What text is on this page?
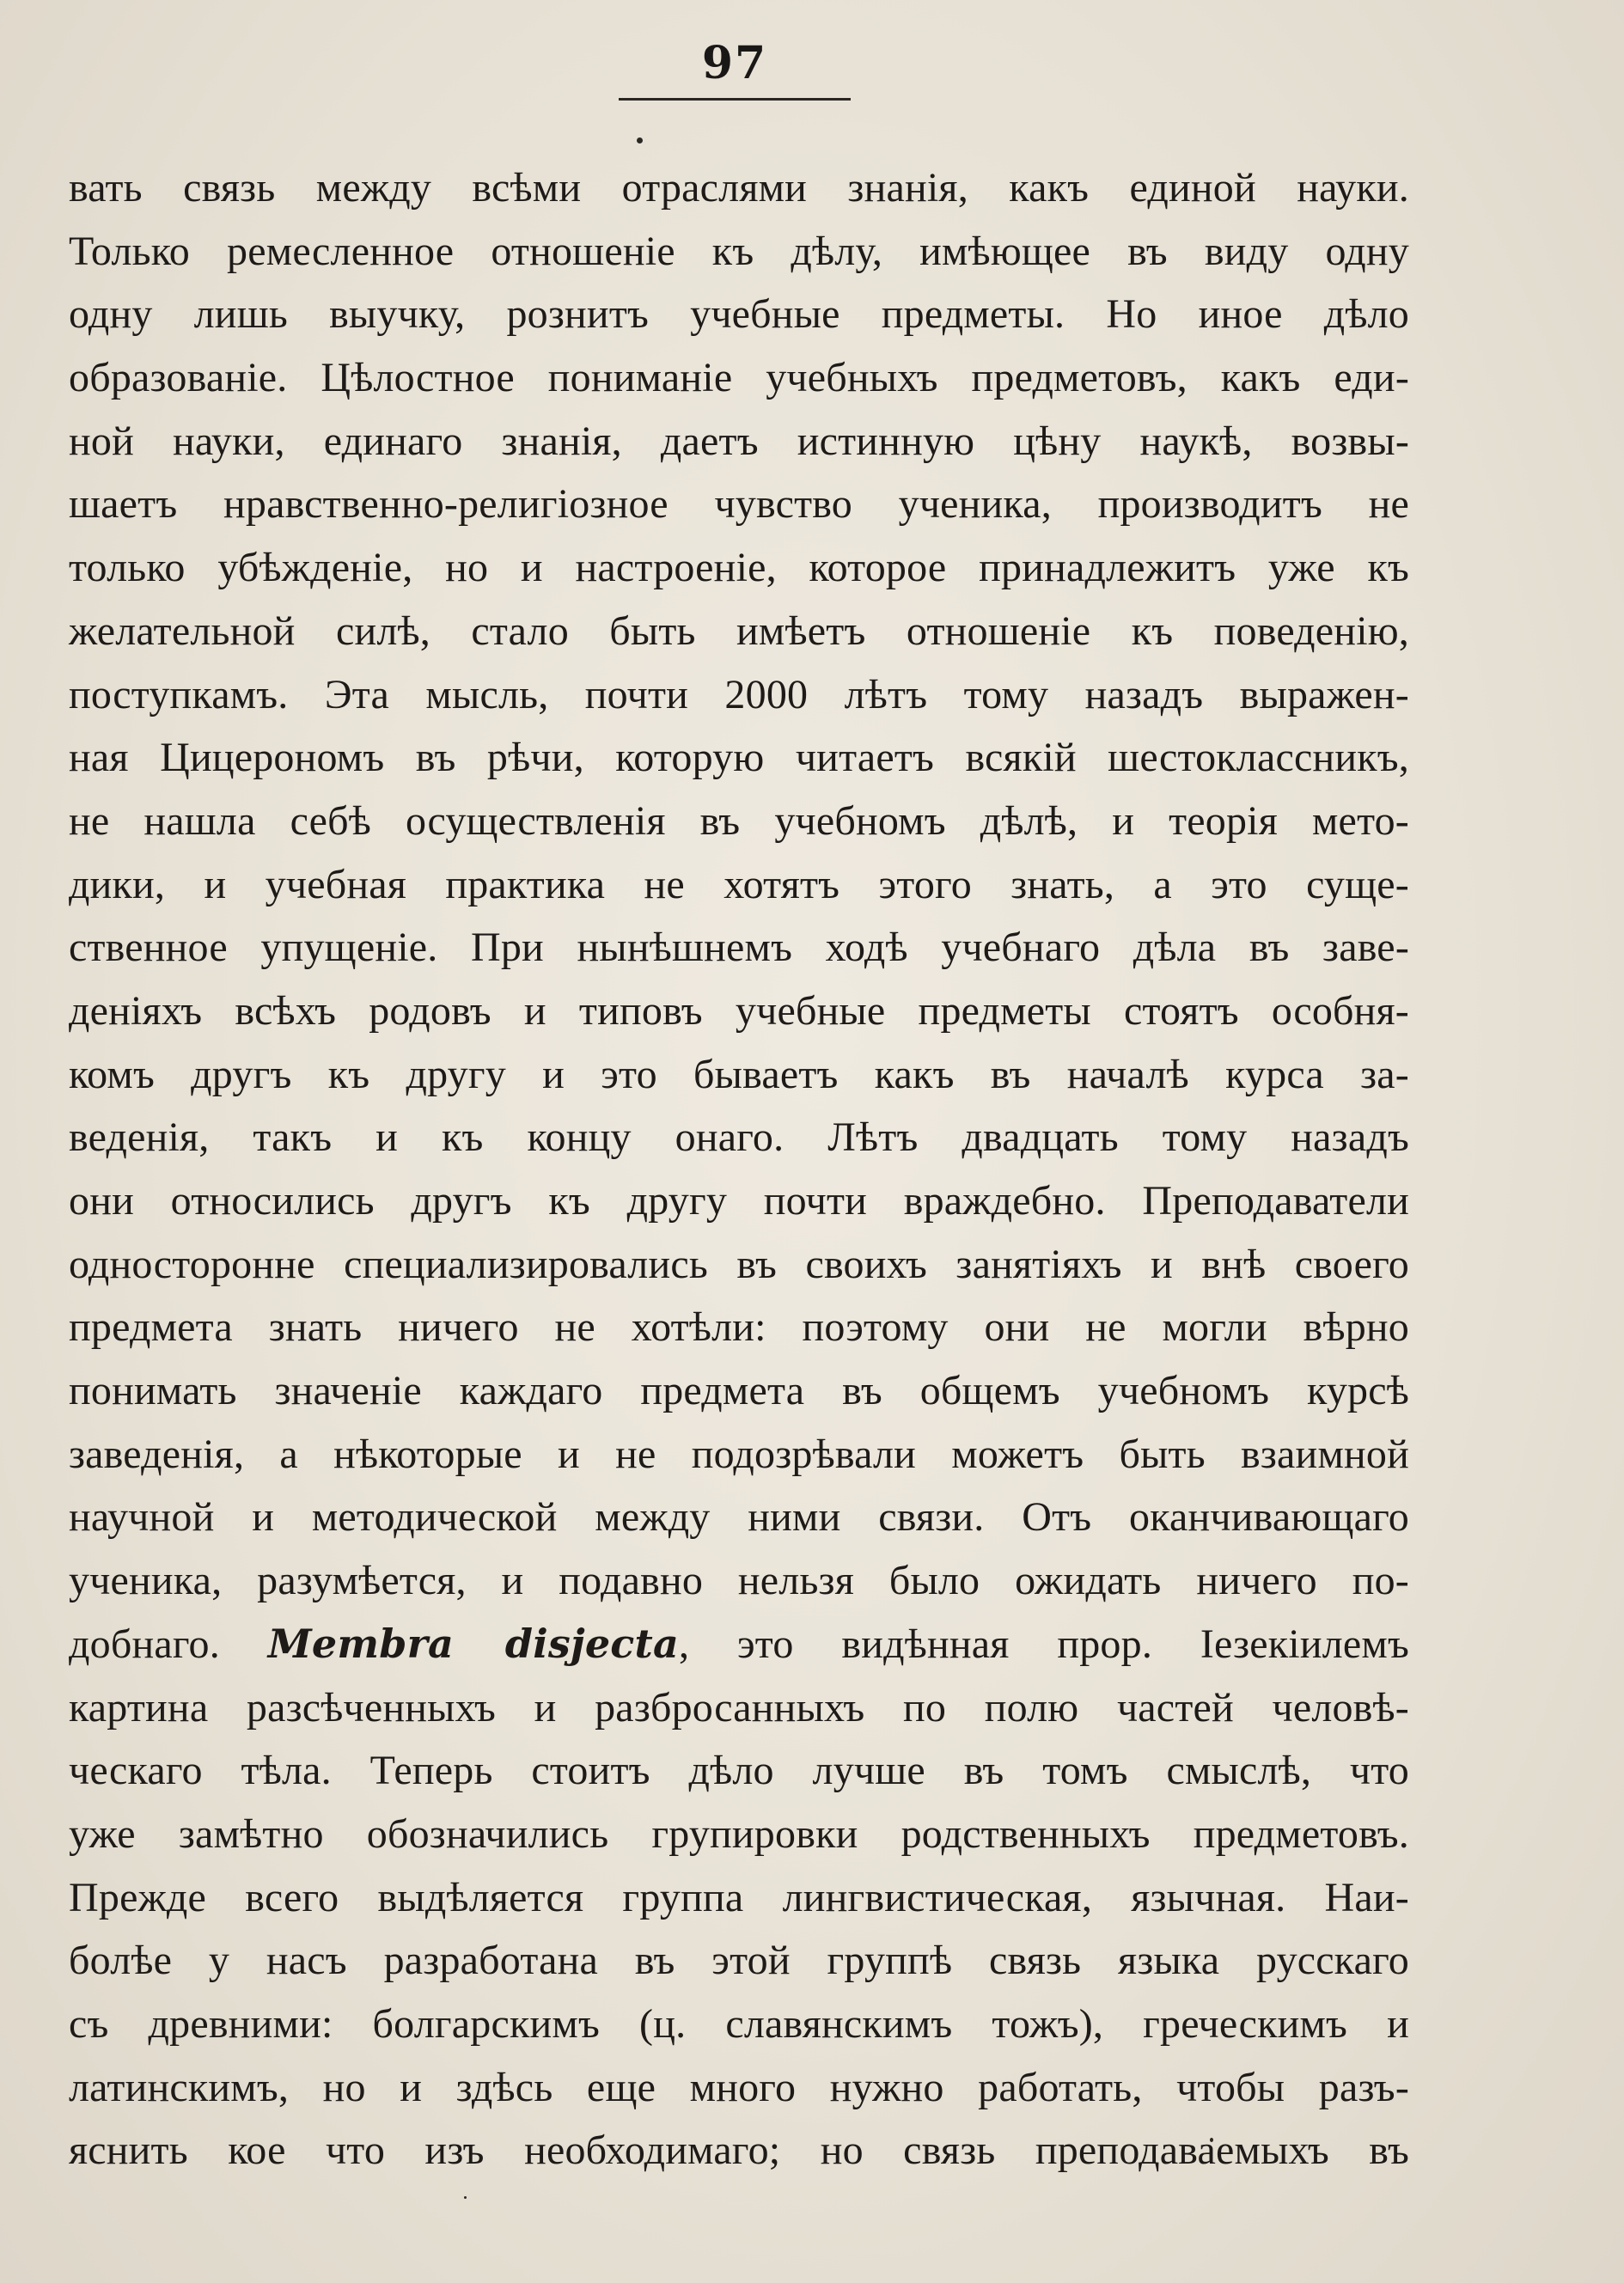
97
вать связь между всѣми отраслями знанія, какъ единой науки.
Только ремесленное отношеніе къ дѣлу, имѣющее въ виду одну
одну лишь выучку, рознитъ учебные предметы. Но иное дѣло
образованіе. Цѣлостное пониманіе учебныхъ предметовъ, какъ еди-
ной науки, единаго знанія, даетъ истинную цѣну наукѣ, возвы-
шаетъ нравственно-религіозное чувство ученика, производитъ не
только убѣжденіе, но и настроеніе, которое принадлежитъ уже къ
желательной силѣ, стало быть имѣетъ отношеніе къ поведенію,
поступкамъ. Эта мысль, почти 2000 лѣтъ тому назадъ выражен-
ная Цицерономъ въ рѣчи, которую читаетъ всякій шестоклассникъ,
не нашла себѣ осуществленія въ учебномъ дѣлѣ, и теорія мето-
дики, и учебная практика не хотятъ этого знать, а это суще-
ственное упущеніе. При нынѣшнемъ ходѣ учебнаго дѣла въ заве-
деніяхъ всѣхъ родовъ и типовъ учебные предметы стоятъ особня-
комъ другъ къ другу и это бываетъ какъ въ началѣ курса за-
веденія, такъ и къ концу онаго. Лѣтъ двадцать тому назадъ
они относились другъ къ другу почти враждебно. Преподаватели
односторонне специализировались въ своихъ занятіяхъ и внѣ своего
предмета знать ничего не хотѣли: поэтому они не могли вѣрно
понимать значеніе каждаго предмета въ общемъ учебномъ курсѣ
заведенія, а нѣкоторые и не подозрѣвали можетъ быть взаимной
научной и методической между ними связи. Отъ оканчивающаго
ученика, разумѣется, и подавно нельзя было ожидать ничего по-
добнаго. Membra disjecta, это видѣнная прор. Іезекіилемъ
картина разсѣченныхъ и разбросанныхъ по полю частей человѣ-
ческаго тѣла. Теперь стоитъ дѣло лучше въ томъ смыслѣ, что
уже замѣтно обозначились групировки родственныхъ предметовъ.
Прежде всего выдѣляется группа лингвистическая, язычная. Наи-
болѣе у насъ разработана въ этой группѣ связь языка русскаго
съ древними: болгарскимъ (ц. славянскимъ тожъ), греческимъ и
латинскимъ, но и здѣсь еще много нужно работать, чтобы разъ-
яснить кое что изъ необходимаго; но связь преподаваемыхъ въ
